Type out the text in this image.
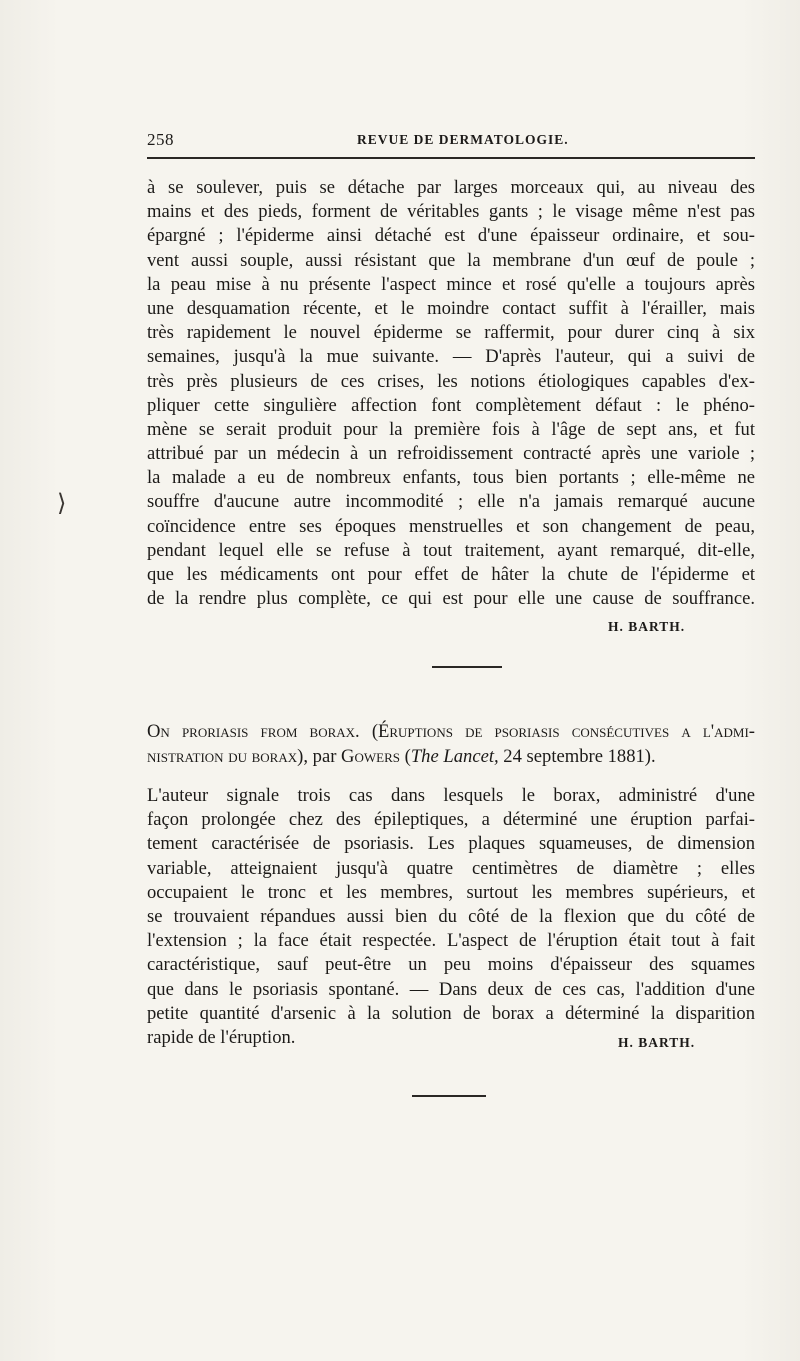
258	REVUE DE DERMATOLOGIE.
⟩
à se soulever, puis se détache par larges morceaux qui, au niveau des
mains et des pieds, forment de véritables gants ; le visage même n'est pas
épargné ; l'épiderme ainsi détaché est d'une épaisseur ordinaire, et sou-
vent aussi souple, aussi résistant que la membrane d'un œuf de poule ;
la peau mise à nu présente l'aspect mince et rosé qu'elle a toujours après
une desquamation récente, et le moindre contact suffit à l'érailler, mais
très rapidement le nouvel épiderme se raffermit, pour durer cinq à six
semaines, jusqu'à la mue suivante. — D'après l'auteur, qui a suivi de
très près plusieurs de ces crises, les notions étiologiques capables d'ex-
pliquer cette singulière affection font complètement défaut : le phéno-
mène se serait produit pour la première fois à l'âge de sept ans, et fut
attribué par un médecin à un refroidissement contracté après une variole ;
la malade a eu de nombreux enfants, tous bien portants ; elle-même ne
souffre d'aucune autre incommodité ; elle n'a jamais remarqué aucune
coïncidence entre ses époques menstruelles et son changement de peau,
pendant lequel elle se refuse à tout traitement, ayant remarqué, dit-elle,
que les médicaments ont pour effet de hâter la chute de l'épiderme et
de la rendre plus complète, ce qui est pour elle une cause de souffrance.
H. BARTH.
On proriasis from borax. (Éruptions de psoriasis consécutives a l'admi-
nistration du borax), par Gowers (The Lancet, 24 septembre 1881).
L'auteur signale trois cas dans lesquels le borax, administré d'une
façon prolongée chez des épileptiques, a déterminé une éruption parfai-
tement caractérisée de psoriasis. Les plaques squameuses, de dimension
variable, atteignaient jusqu'à quatre centimètres de diamètre ; elles
occupaient le tronc et les membres, surtout les membres supérieurs, et
se trouvaient répandues aussi bien du côté de la flexion que du côté de
l'extension ; la face était respectée. L'aspect de l'éruption était tout à fait
caractéristique, sauf peut-être un peu moins d'épaisseur des squames
que dans le psoriasis spontané. — Dans deux de ces cas, l'addition d'une
petite quantité d'arsenic à la solution de borax a déterminé la disparition
rapide de l'éruption.	H. BARTH.
